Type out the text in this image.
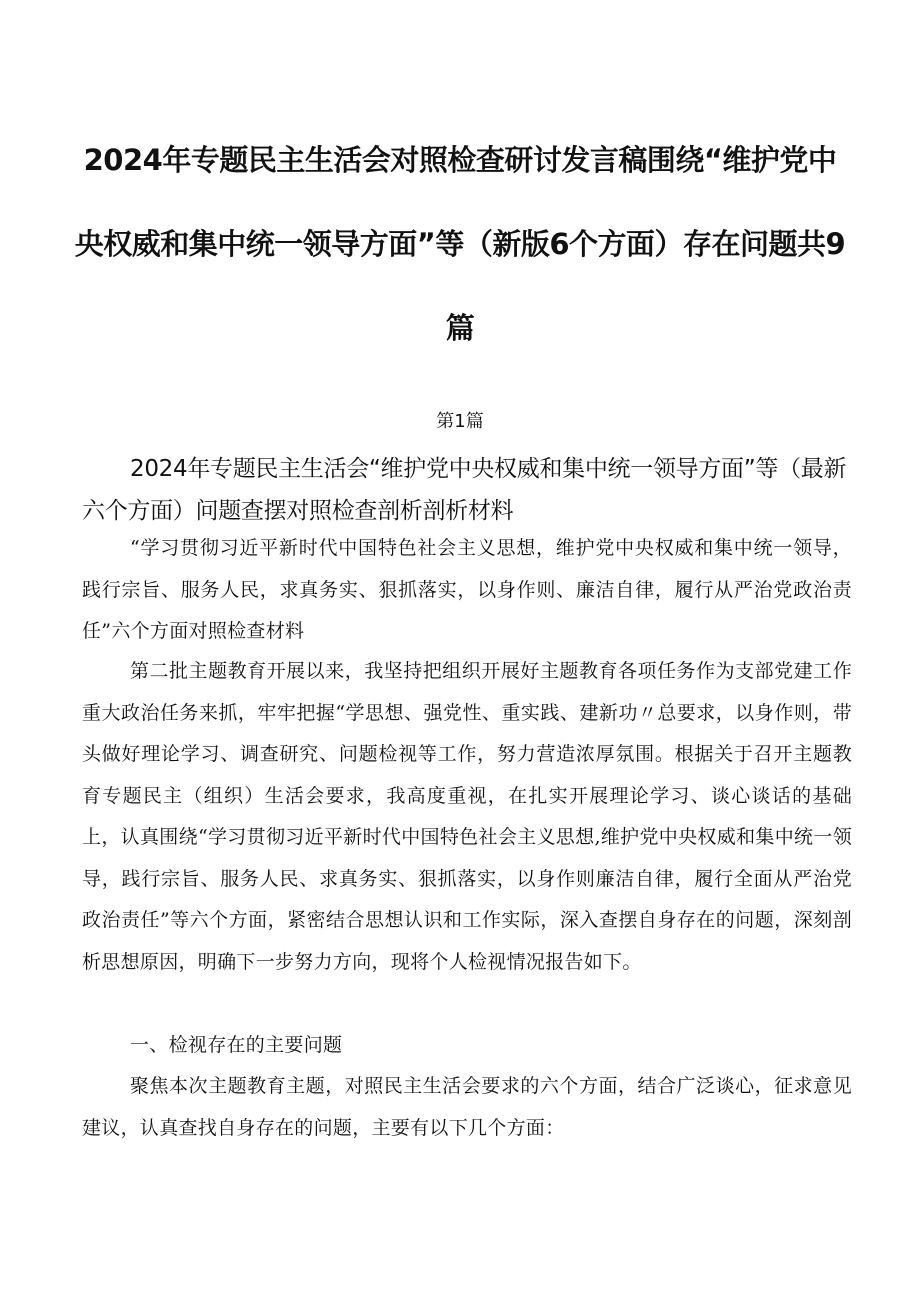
2024年专题民主生活会对照检查研讨发言稿围绕“维护党中央权威和集中统一领导方面”等（新版6个方面）存在问题共9篇
第1篇
2024年专题民主生活会“维护党中央权威和集中统一领导方面”等（最新六个方面）问题查摆对照检查剖析剖析材料

“学习贯彻习近平新时代中国特色社会主义思想，维护党中央权威和集中统一领导，践行宗旨、服务人民，求真务实、狠抓落实，以身作则、廉洁自律，履行从严治党政治责任”六个方面对照检查材料

第二批主题教育开展以来，我坚持把组织开展好主题教育各项任务作为支部党建工作重大政治任务来抓，牢牢把握“学思想、强党性、重实践、建新功〃总要求，以身作则，带头做好理论学习、调查研究、问题检视等工作，努力营造浓厚氛围。根据关于召开主题教育专题民主（组织）生活会要求，我高度重视，在扎实开展理论学习、谈心谈话的基础上，认真围绕“学习贯彻习近平新时代中国特色社会主义思想,维护党中央权威和集中统一领导，践行宗旨、服务人民、求真务实、狠抓落实，以身作则廉洁自律，履行全面从严治党政治责任”等六个方面，紧密结合思想认识和工作实际，深入查摆自身存在的问题，深刻剖析思想原因，明确下一步努力方向，现将个人检视情况报告如下。

一、检视存在的主要问题

聚焦本次主题教育主题，对照民主生活会要求的六个方面，结合广泛谈心，征求意见建议，认真查找自身存在的问题，主要有以下几个方面：
